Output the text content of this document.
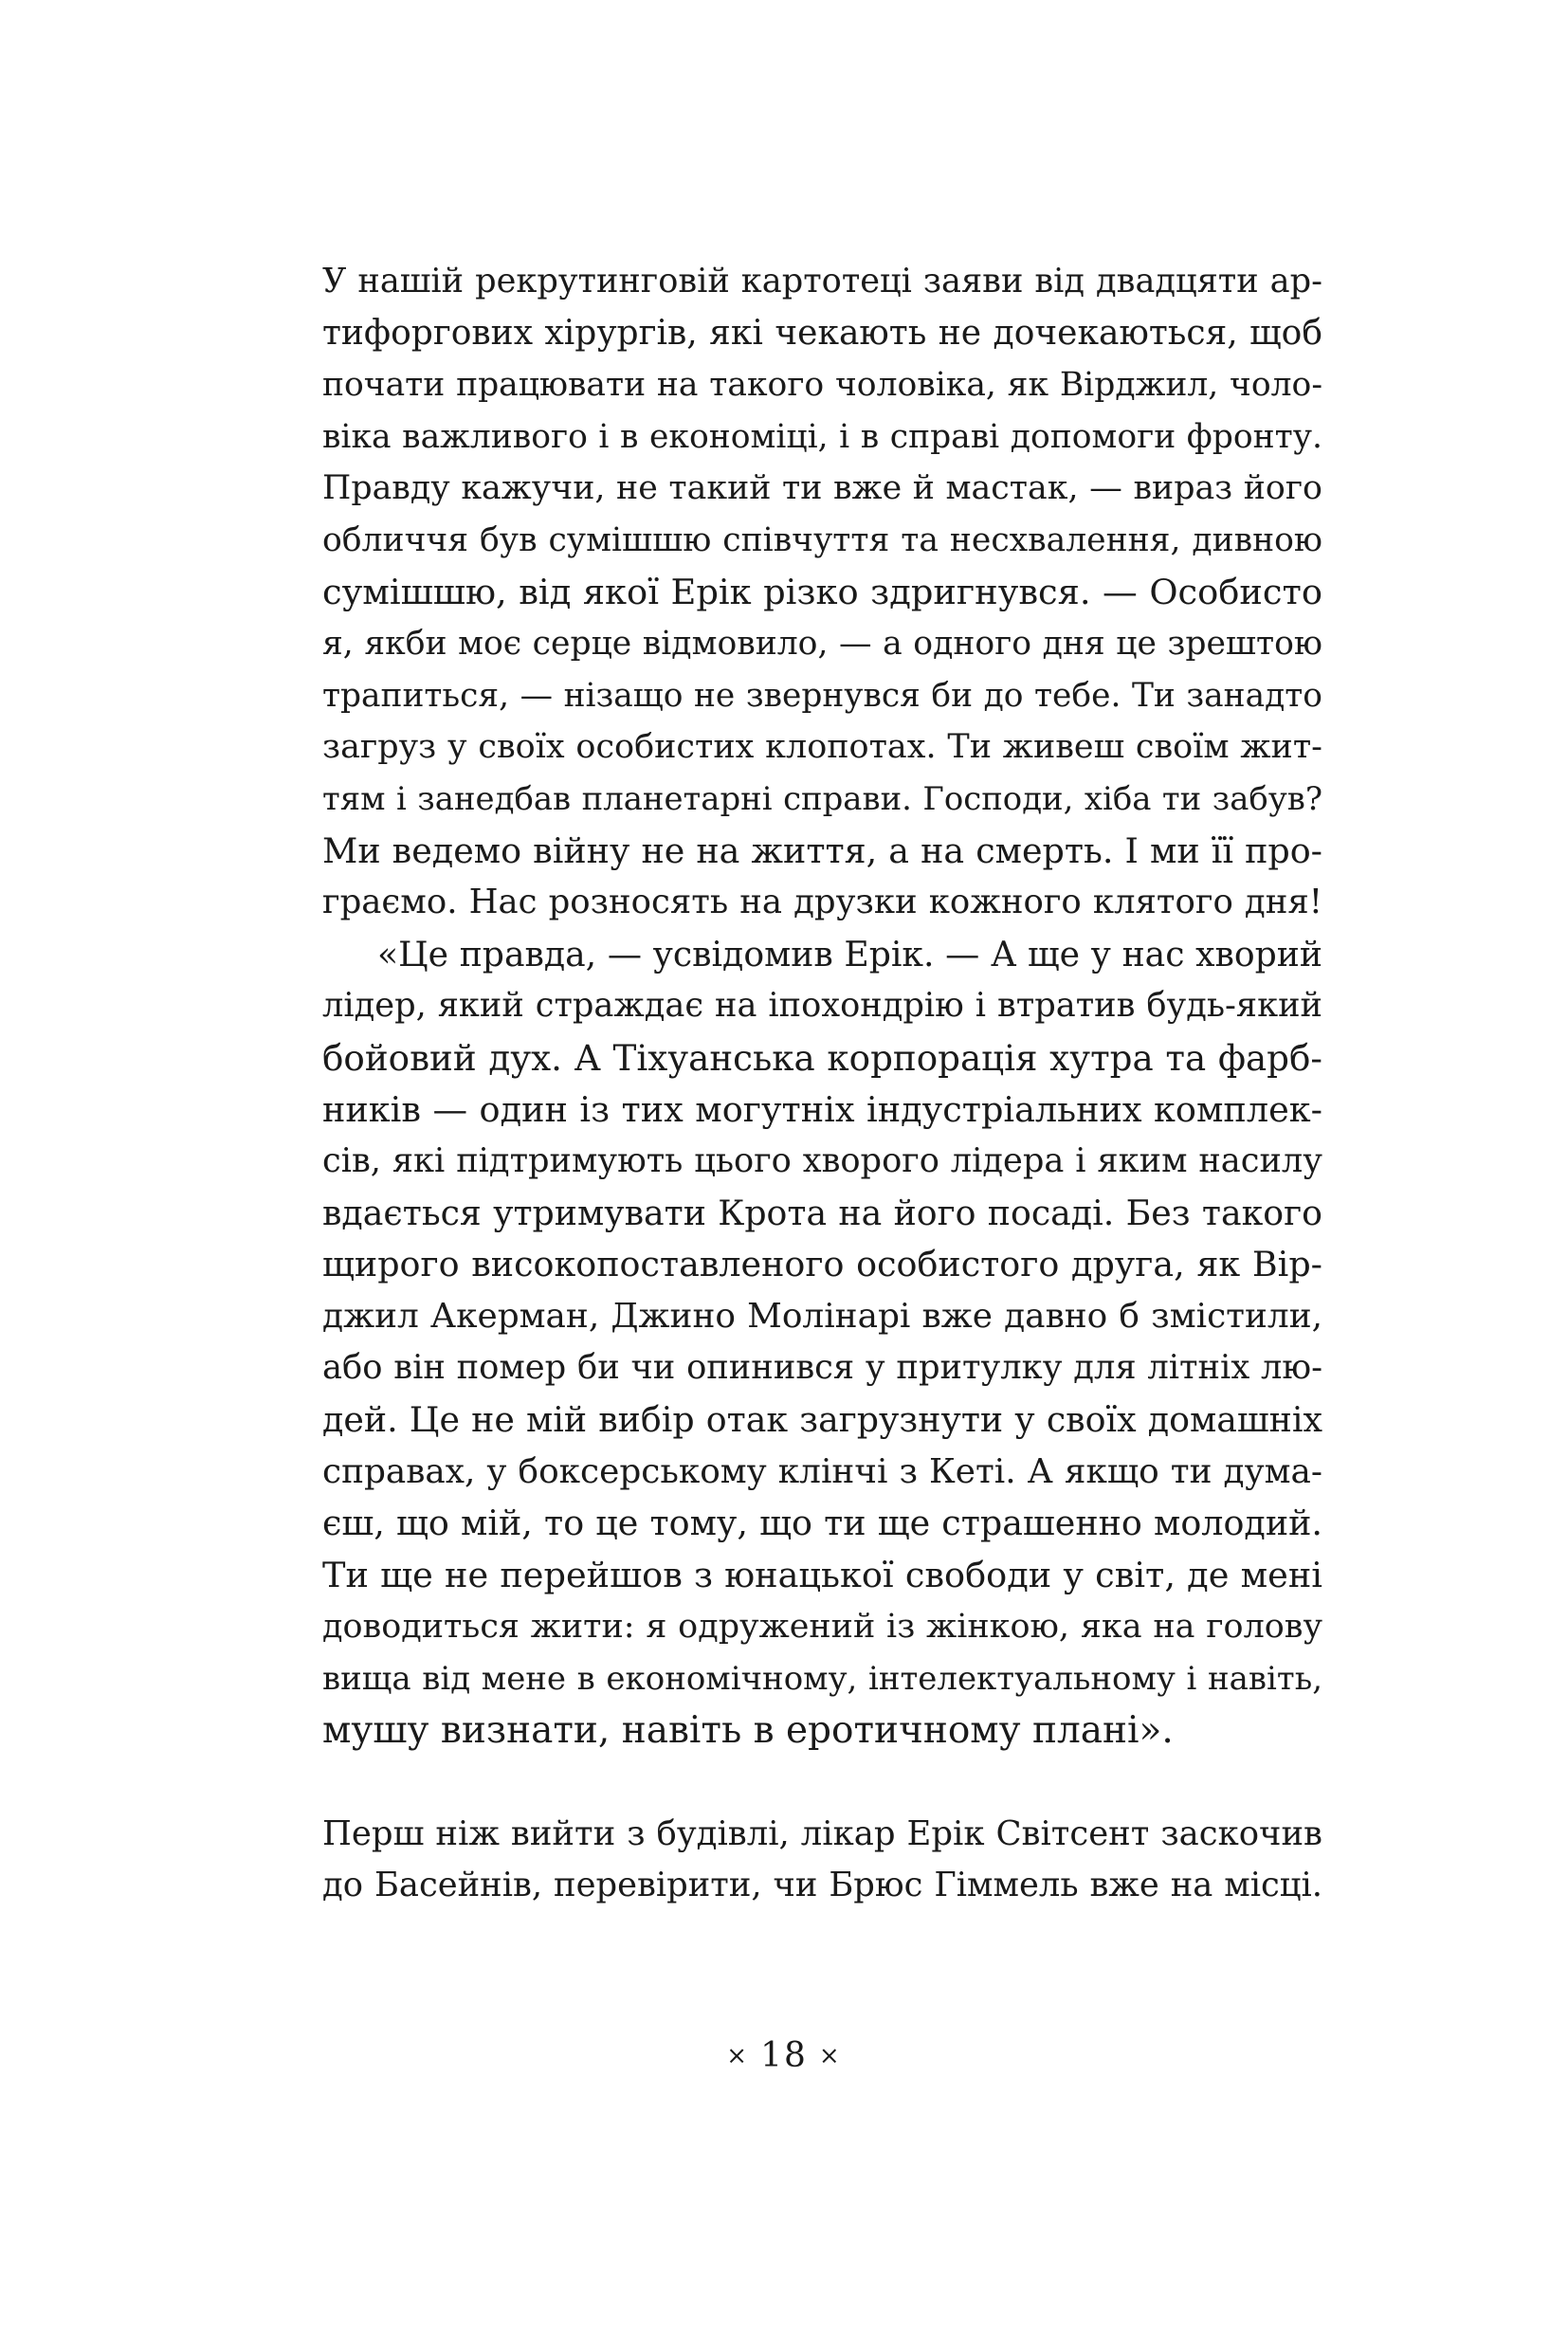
У нашій рекрутинговій картотеці заяви від двадцяти ар-
тифоргових хірургів, які чекають не дочекаються, щоб
почати працювати на такого чоловіка, як Вірджил, чоло-
віка важливого і в економіці, і в справі допомоги фронту.
Правду кажучи, не такий ти вже й мастак, — вираз його
обличчя був сумішшю співчуття та несхвалення, дивною
сумішшю, від якої Ерік різко здригнувся. — Особисто
я, якби моє серце відмовило, — а одного дня це зрештою
трапиться, — нізащо не звернувся би до тебе. Ти занадто
загруз у своїх особистих клопотах. Ти живеш своїм жит-
тям і занедбав планетарні справи. Господи, хіба ти забув?
Ми ведемо війну не на життя, а на смерть. І ми її про-
граємо. Нас розносять на друзки кожного клятого дня!
«Це правда, — усвідомив Ерік. — А ще у нас хворий
лідер, який страждає на іпохондрію і втратив будь-який
бойовий дух. А Тіхуанська корпорація хутра та фарб-
ників — один із тих могутніх індустріальних комплек-
сів, які підтримують цього хворого лідера і яким насилу
вдається утримувати Крота на його посаді. Без такого
щирого високопоставленого особистого друга, як Вір-
джил Акерман, Джино Молінарі вже давно б змістили,
або він помер би чи опинився у притулку для літніх лю-
дей. Це не мій вибір отак загрузнути у своїх домашніх
справах, у боксерському клінчі з Кеті. А якщо ти дума-
єш, що мій, то це тому, що ти ще страшенно молодий.
Ти ще не перейшов з юнацької свободи у світ, де мені
доводиться жити: я одружений із жінкою, яка на голову
вища від мене в економічному, інтелектуальному і навіть,
мушу визнати, навіть в еротичному плані».
Перш ніж вийти з будівлі, лікар Ерік Світсент заскочив
до Басейнів, перевірити, чи Брюс Гіммель вже на місці.
× 18 ×
